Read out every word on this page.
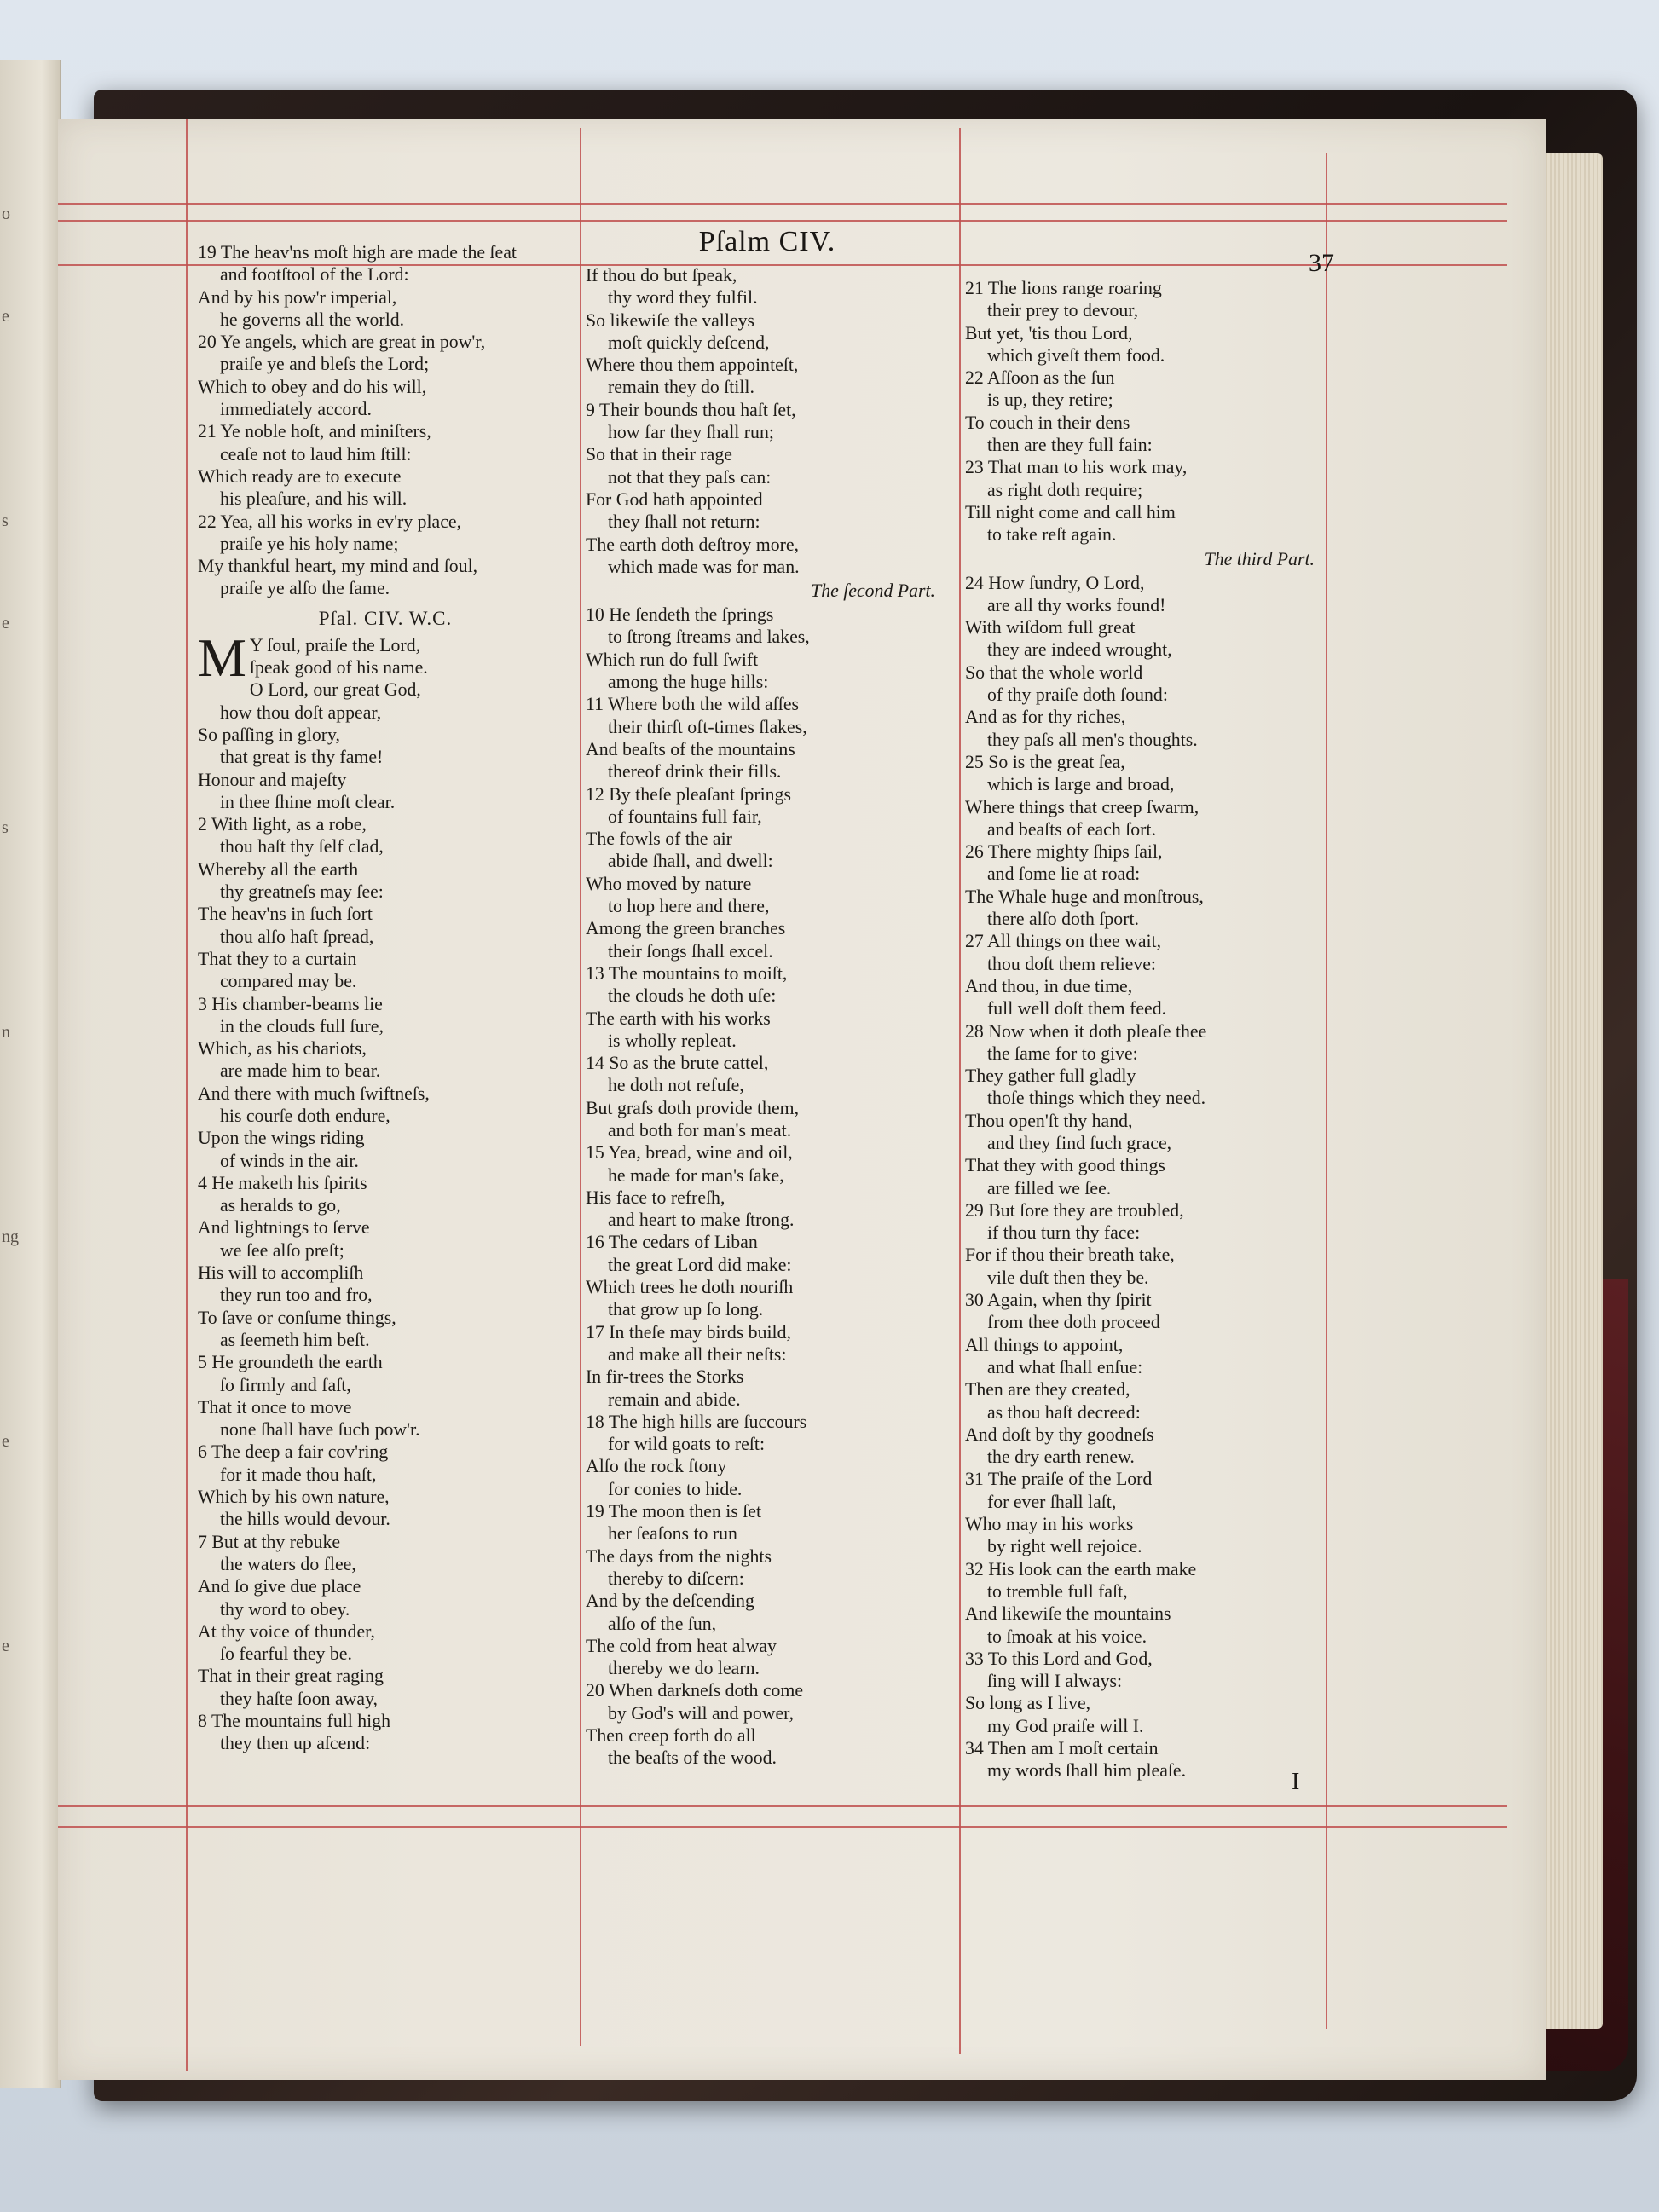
o
e
s
e
s
n
ng
e
e
Pſalm CIV.
37
I
19 The heav'ns moſt high are made the ſeat
and footſtool of the Lord:
And by his pow'r imperial,
he governs all the world.
20 Ye angels, which are great in pow'r,
praiſe ye and bleſs the Lord;
Which to obey and do his will,
immediately accord.
21 Ye noble hoſt, and miniſters,
ceaſe not to laud him ſtill:
Which ready are to execute
his pleaſure, and his will.
22 Yea, all his works in ev'ry place,
praiſe ye his holy name;
My thankful heart, my mind and ſoul,
praiſe ye alſo the ſame.
Pſal. CIV. W.C.
M Y ſoul, praiſe the Lord,
ſpeak good of his name.
O Lord, our great God,
how thou doſt appear,
So paſſing in glory,
that great is thy fame!
Honour and majeſty
in thee ſhine moſt clear.
2 With light, as a robe,
thou haſt thy ſelf clad,
Whereby all the earth
thy greatneſs may ſee:
The heav'ns in ſuch ſort
thou alſo haſt ſpread,
That they to a curtain
compared may be.
3 His chamber-beams lie
in the clouds full ſure,
Which, as his chariots,
are made him to bear.
And there with much ſwiftneſs,
his courſe doth endure,
Upon the wings riding
of winds in the air.
4 He maketh his ſpirits
as heralds to go,
And lightnings to ſerve
we ſee alſo preſt;
His will to accompliſh
they run too and fro,
To ſave or conſume things,
as ſeemeth him beſt.
5 He groundeth the earth
ſo firmly and faſt,
That it once to move
none ſhall have ſuch pow'r.
6 The deep a fair cov'ring
for it made thou haſt,
Which by his own nature,
the hills would devour.
7 But at thy rebuke
the waters do flee,
And ſo give due place
thy word to obey.
At thy voice of thunder,
ſo fearful they be.
That in their great raging
they haſte ſoon away,
8 The mountains full high
they then up aſcend:
If thou do but ſpeak,
thy word they fulfil.
So likewiſe the valleys
moſt quickly deſcend,
Where thou them appointeſt,
remain they do ſtill.
9 Their bounds thou haſt ſet,
how far they ſhall run;
So that in their rage
not that they paſs can:
For God hath appointed
they ſhall not return:
The earth doth deſtroy more,
which made was for man.
The ſecond Part.
10 He ſendeth the ſprings
to ſtrong ſtreams and lakes,
Which run do full ſwift
among the huge hills:
11 Where both the wild aſſes
their thirſt oft-times ſlakes,
And beaſts of the mountains
thereof drink their fills.
12 By theſe pleaſant ſprings
of fountains full fair,
The fowls of the air
abide ſhall, and dwell:
Who moved by nature
to hop here and there,
Among the green branches
their ſongs ſhall excel.
13 The mountains to moiſt,
the clouds he doth uſe:
The earth with his works
is wholly repleat.
14 So as the brute cattel,
he doth not refuſe,
But graſs doth provide them,
and both for man's meat.
15 Yea, bread, wine and oil,
he made for man's ſake,
His face to refreſh,
and heart to make ſtrong.
16 The cedars of Liban
the great Lord did make:
Which trees he doth nouriſh
that grow up ſo long.
17 In theſe may birds build,
and make all their neſts:
In fir-trees the Storks
remain and abide.
18 The high hills are ſuccours
for wild goats to reſt:
Alſo the rock ſtony
for conies to hide.
19 The moon then is ſet
her ſeaſons to run
The days from the nights
thereby to diſcern:
And by the deſcending
alſo of the ſun,
The cold from heat alway
thereby we do learn.
20 When darkneſs doth come
by God's will and power,
Then creep forth do all
the beaſts of the wood.
21 The lions range roaring
their prey to devour,
But yet, 'tis thou Lord,
which giveſt them food.
22 Aſſoon as the ſun
is up, they retire;
To couch in their dens
then are they full fain:
23 That man to his work may,
as right doth require;
Till night come and call him
to take reſt again.
The third Part.
24 How ſundry, O Lord,
are all thy works found!
With wiſdom full great
they are indeed wrought,
So that the whole world
of thy praiſe doth ſound:
And as for thy riches,
they paſs all men's thoughts.
25 So is the great ſea,
which is large and broad,
Where things that creep ſwarm,
and beaſts of each ſort.
26 There mighty ſhips ſail,
and ſome lie at road:
The Whale huge and monſtrous,
there alſo doth ſport.
27 All things on thee wait,
thou doſt them relieve:
And thou, in due time,
full well doſt them feed.
28 Now when it doth pleaſe thee
the ſame for to give:
They gather full gladly
thoſe things which they need.
Thou open'ſt thy hand,
and they find ſuch grace,
That they with good things
are filled we ſee.
29 But ſore they are troubled,
if thou turn thy face:
For if thou their breath take,
vile duſt then they be.
30 Again, when thy ſpirit
from thee doth proceed
All things to appoint,
and what ſhall enſue:
Then are they created,
as thou haſt decreed:
And doſt by thy goodneſs
the dry earth renew.
31 The praiſe of the Lord
for ever ſhall laſt,
Who may in his works
by right well rejoice.
32 His look can the earth make
to tremble full faſt,
And likewiſe the mountains
to ſmoak at his voice.
33 To this Lord and God,
ſing will I always:
So long as I live,
my God praiſe will I.
34 Then am I moſt certain
my words ſhall him pleaſe.
